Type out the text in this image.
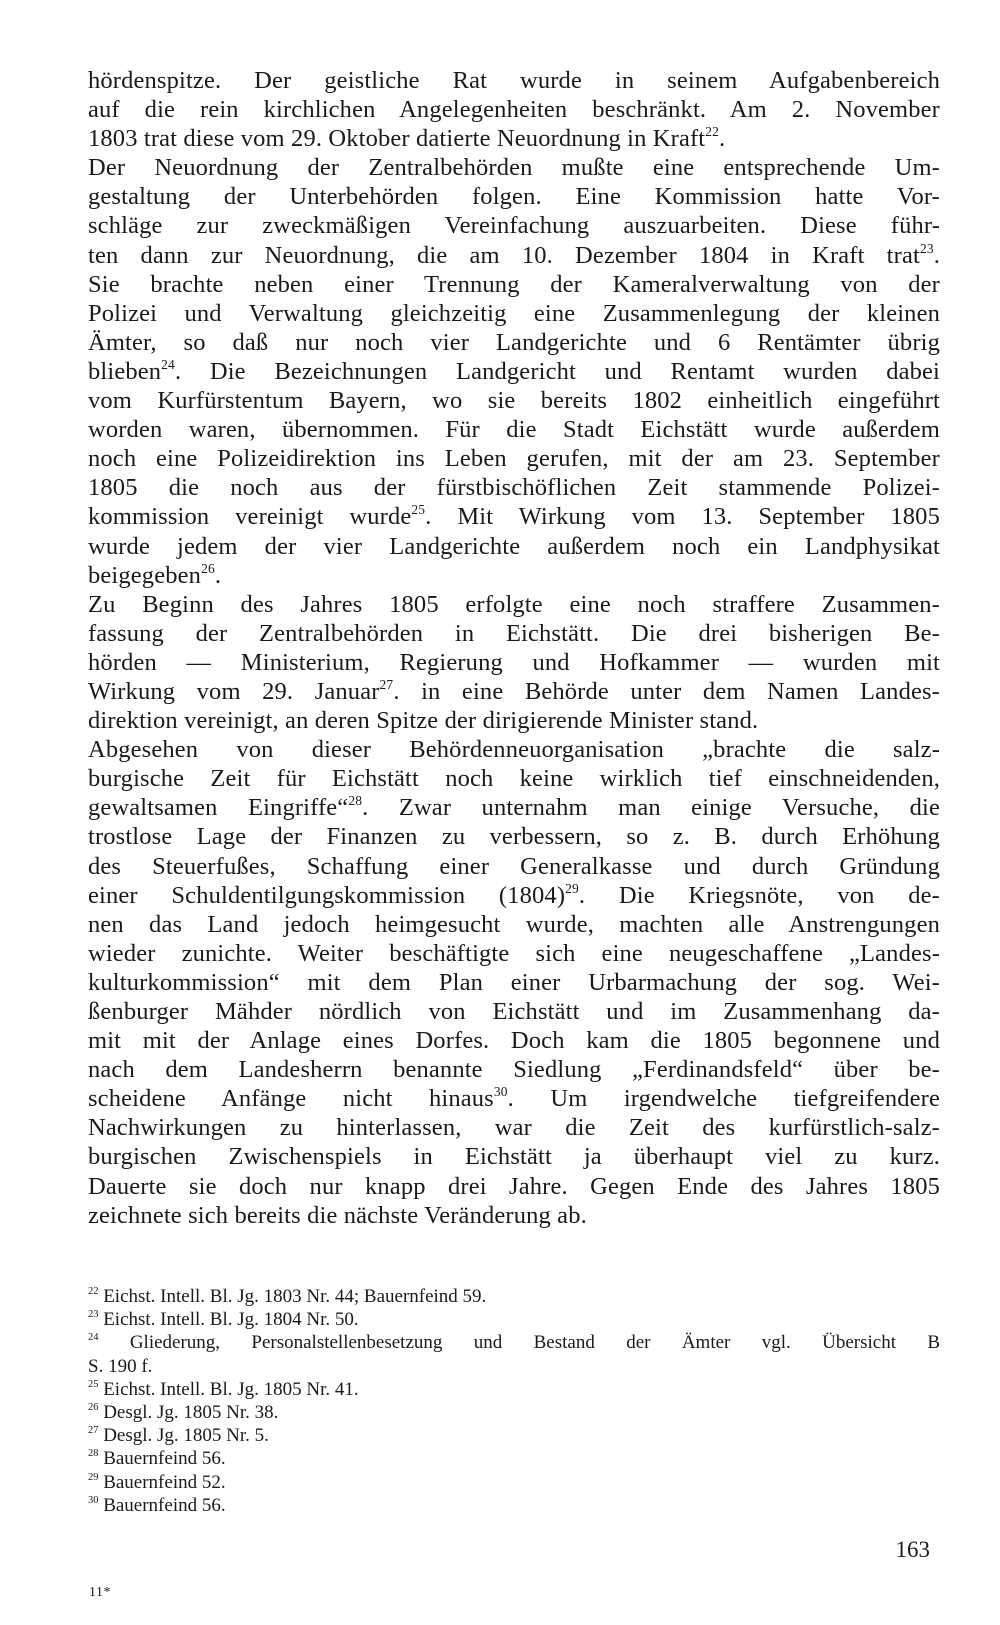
hördenspitze. Der geistliche Rat wurde in seinem Aufgabenbereich
auf die rein kirchlichen Angelegenheiten beschränkt. Am 2. November
1803 trat diese vom 29. Oktober datierte Neuordnung in Kraft$^{22}$.
Der Neuordnung der Zentralbehörden mußte eine entsprechende Um-
gestaltung der Unterbehörden folgen. Eine Kommission hatte Vor-
schläge zur zweckmäßigen Vereinfachung auszuarbeiten. Diese führ-
ten dann zur Neuordnung, die am 10. Dezember 1804 in Kraft trat$^{23}$.
Sie brachte neben einer Trennung der Kameralverwaltung von der
Polizei und Verwaltung gleichzeitig eine Zusammenlegung der kleinen
Ämter, so daß nur noch vier Landgerichte und 6 Rentämter übrig
blieben$^{24}$. Die Bezeichnungen Landgericht und Rentamt wurden dabei
vom Kurfürstentum Bayern, wo sie bereits 1802 einheitlich eingeführt
worden waren, übernommen. Für die Stadt Eichstätt wurde außerdem
noch eine Polizeidirektion ins Leben gerufen, mit der am 23. September
1805 die noch aus der fürstbischöflichen Zeit stammende Polizei-
kommission vereinigt wurde$^{25}$. Mit Wirkung vom 13. September 1805
wurde jedem der vier Landgerichte außerdem noch ein Landphysikat
beigegeben$^{26}$.
Zu Beginn des Jahres 1805 erfolgte eine noch straffere Zusammen-
fassung der Zentralbehörden in Eichstätt. Die drei bisherigen Be-
hörden — Ministerium, Regierung und Hofkammer — wurden mit
Wirkung vom 29. Januar$^{27}$. in eine Behörde unter dem Namen Landes-
direktion vereinigt, an deren Spitze der dirigierende Minister stand.
Abgesehen von dieser Behördenneuorganisation „brachte die salz-
burgische Zeit für Eichstätt noch keine wirklich tief einschneidenden,
gewaltsamen Eingriffe“$^{28}$. Zwar unternahm man einige Versuche, die
trostlose Lage der Finanzen zu verbessern, so z. B. durch Erhöhung
des Steuerfußes, Schaffung einer Generalkasse und durch Gründung
einer Schuldentilgungskommission $(1804)^{29}$. Die Kriegsnöte, von de-
nen das Land jedoch heimgesucht wurde, machten alle Anstrengungen
wieder zunichte. Weiter beschäftigte sich eine neugeschaffene „Landes-
kulturkommission“ mit dem Plan einer Urbarmachung der sog. Wei-
ßenburger Mähder nördlich von Eichstätt und im Zusammenhang da-
mit mit der Anlage eines Dorfes. Doch kam die 1805 begonnene und
nach dem Landesherrn benannte Siedlung „Ferdinandsfeld“ über be-
scheidene Anfänge nicht hinaus$^{30}$. Um irgendwelche tiefgreifendere
Nachwirkungen zu hinterlassen, war die Zeit des kurfürstlich-salz-
burgischen Zwischenspiels in Eichstätt ja überhaupt viel zu kurz.
Dauerte sie doch nur knapp drei Jahre. Gegen Ende des Jahres 1805
zeichnete sich bereits die nächste Veränderung ab.
$^{22}$ Eichst. Intell. Bl. Jg. 1803 Nr. 44; Bauernfeind 59.
$^{23}$ Eichst. Intell. Bl. Jg. 1804 Nr. 50.
$^{24}$ Gliederung, Personalstellenbesetzung und Bestand der Ämter vgl. Übersicht B
S. 190 f.
$^{25}$ Eichst. Intell. Bl. Jg. 1805 Nr. 41.
$^{26}$ Desgl. Jg. 1805 Nr. 38.
$^{27}$ Desgl. Jg. 1805 Nr. 5.
$^{28}$ Bauernfeind 56.
$^{29}$ Bauernfeind 52.
$^{30}$ Bauernfeind 56.
163
11*
